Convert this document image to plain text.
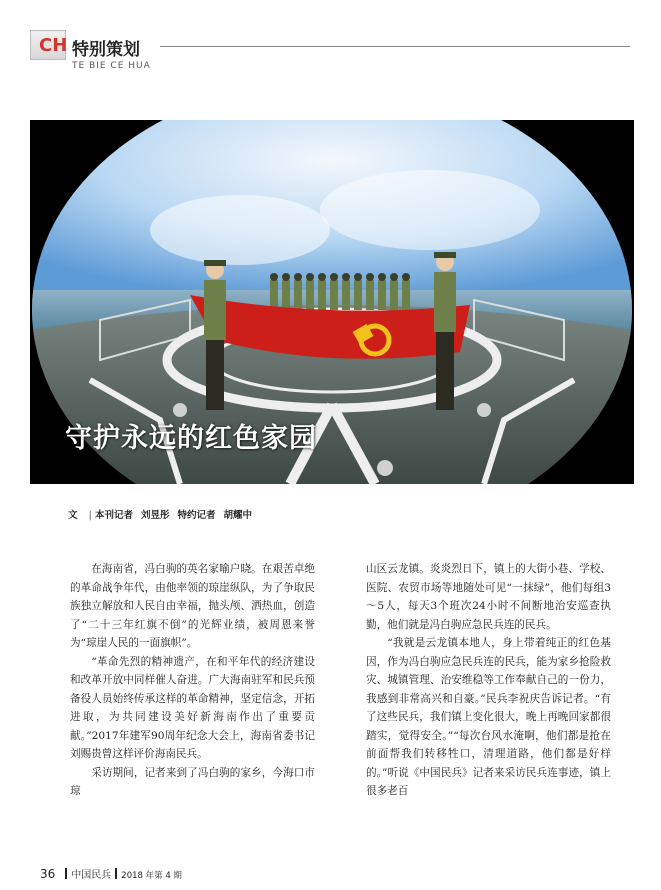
CH 特别策划
TE BIE CE HUA
守护永远的红色家园
文 | 本刊记者 刘昱彤 特约记者 胡耀中

在海南省，冯白驹的英名家喻户晓。在艰苦卓绝的革命战争年代，由他率领的琼崖纵队，为了争取民族独立解放和人民自由幸福，抛头颅、洒热血，创造了“二十三年红旗不倒”的光辉业绩，被周恩来誉为“琼崖人民的一面旗帜”。

“革命先烈的精神遗产，在和平年代的经济建设和改革开放中同样催人奋进。广大海南驻军和民兵预备役人员始终传承这样的革命精神，坚定信念，开拓进取，为共同建设美好新海南作出了重要贡献。”2017年建军90周年纪念大会上，海南省委书记刘赐贵曾这样评价海南民兵。

采访期间，记者来到了冯白驹的家乡，今海口市琼

山区云龙镇。炎炎烈日下，镇上的大街小巷、学校、医院、农贸市场等地随处可见“一抹绿”，他们每组3～5人，每天3个班次24小时不间断地治安巡查执勤，他们就是冯白驹应急民兵连的民兵。

“我就是云龙镇本地人，身上带着纯正的红色基因，作为冯白驹应急民兵连的民兵，能为家乡抢险救灾、城镇管理、治安维稳等工作奉献自己的一份力，我感到非常高兴和自豪。”民兵李祝庆告诉记者。“有了这些民兵，我们镇上变化很大，晚上再晚回家都很踏实，觉得安全。”“每次台风水淹啊，他们都是抢在前面帮我们转移牲口，清理道路，他们都是好样的。”听说《中国民兵》记者来采访民兵连事迹，镇上很多老百

36 中国民兵 2018 年第 4 期
